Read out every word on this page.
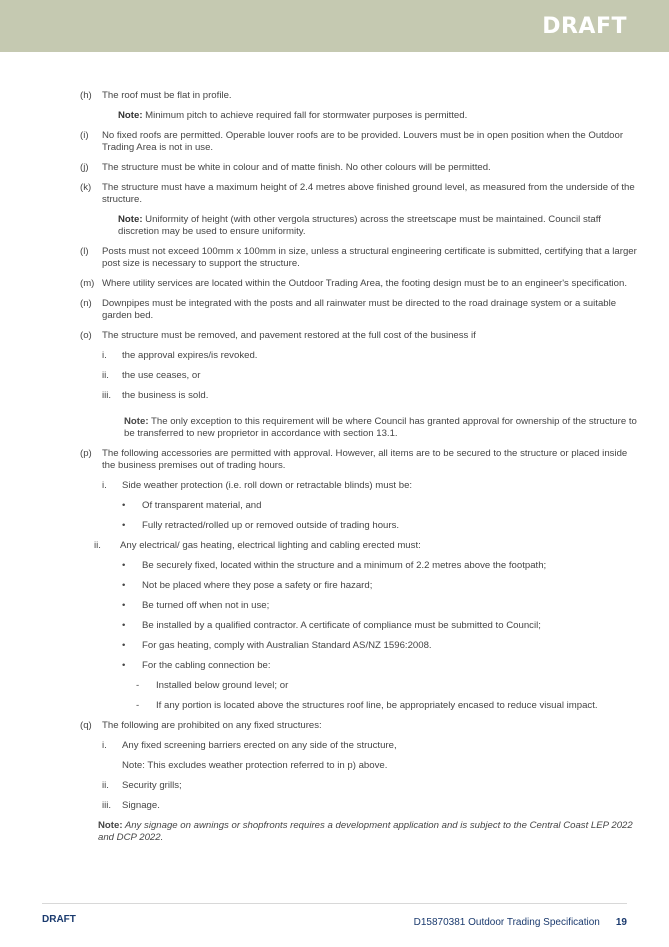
DRAFT
(h) The roof must be flat in profile.
Note: Minimum pitch to achieve required fall for stormwater purposes is permitted.
(i) No fixed roofs are permitted. Operable louver roofs are to be provided. Louvers must be in open position when the Outdoor Trading Area is not in use.
(j) The structure must be white in colour and of matte finish. No other colours will be permitted.
(k) The structure must have a maximum height of 2.4 metres above finished ground level, as measured from the underside of the structure.
Note: Uniformity of height (with other vergola structures) across the streetscape must be maintained. Council staff discretion may be used to ensure uniformity.
(l) Posts must not exceed 100mm x 100mm in size, unless a structural engineering certificate is submitted, certifying that a larger post size is necessary to support the structure.
(m) Where utility services are located within the Outdoor Trading Area, the footing design must be to an engineer's specification.
(n) Downpipes must be integrated with the posts and all rainwater must be directed to the road drainage system or a suitable garden bed.
(o) The structure must be removed, and pavement restored at the full cost of the business if
i. the approval expires/is revoked.
ii. the use ceases, or
iii. the business is sold.
Note: The only exception to this requirement will be where Council has granted approval for ownership of the structure to be transferred to new proprietor in accordance with section 13.1.
(p) The following accessories are permitted with approval. However, all items are to be secured to the structure or placed inside the business premises out of trading hours.
i. Side weather protection (i.e. roll down or retractable blinds) must be:
• Of transparent material, and
• Fully retracted/rolled up or removed outside of trading hours.
ii. Any electrical/ gas heating, electrical lighting and cabling erected must:
• Be securely fixed, located within the structure and a minimum of 2.2 metres above the footpath;
• Not be placed where they pose a safety or fire hazard;
• Be turned off when not in use;
• Be installed by a qualified contractor. A certificate of compliance must be submitted to Council;
• For gas heating, comply with Australian Standard AS/NZ 1596:2008.
• For the cabling connection be:
- Installed below ground level; or
- If any portion is located above the structures roof line, be appropriately encased to reduce visual impact.
(q) The following are prohibited on any fixed structures:
i. Any fixed screening barriers erected on any side of the structure,
Note: This excludes weather protection referred to in p) above.
ii. Security grills;
iii. Signage.
Note: Any signage on awnings or shopfronts requires a development application and is subject to the Central Coast LEP 2022 and DCP 2022.
DRAFT	D15870381 Outdoor Trading Specification 19
